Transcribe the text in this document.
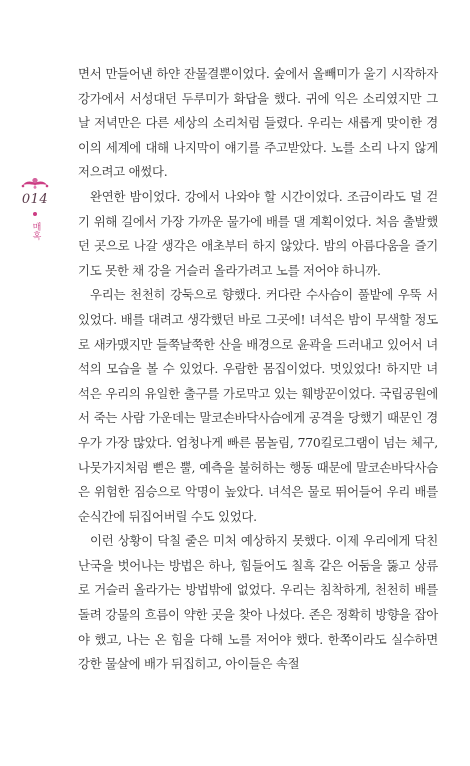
014
매혹

면서 만들어낸 하얀 잔물결뿐이었다. 숲에서 올빼미가 울기 시작하자 강가에서 서성대던 두루미가 화답을 했다. 귀에 익은 소리였지만 그날 저녁만은 다른 세상의 소리처럼 들렸다. 우리는 새롭게 맞이한 경이의 세계에 대해 나지막이 얘기를 주고받았다. 노를 소리 나지 않게 저으려고 애썼다.

완연한 밤이었다. 강에서 나와야 할 시간이었다. 조금이라도 덜 걷기 위해 길에서 가장 가까운 물가에 배를 댈 계획이었다. 처음 출발했던 곳으로 나갈 생각은 애초부터 하지 않았다. 밤의 아름다움을 즐기기도 못한 채 강을 거슬러 올라가려고 노를 저어야 하니까.

우리는 천천히 강둑으로 향했다. 커다란 수사슴이 풀밭에 우뚝 서 있었다. 배를 대려고 생각했던 바로 그곳에! 녀석은 밤이 무색할 정도로 새카맸지만 들쭉날쭉한 산을 배경으로 윤곽을 드러내고 있어서 녀석의 모습을 볼 수 있었다. 우람한 몸집이었다. 멋있었다! 하지만 녀석은 우리의 유일한 출구를 가로막고 있는 훼방꾼이었다. 국립공원에서 죽는 사람 가운데는 말코손바닥사슴에게 공격을 당했기 때문인 경우가 가장 많았다. 엄청나게 빠른 몸놀림, 770킬로그램이 넘는 체구, 나뭇가지처럼 뻗은 뿔, 예측을 불허하는 행동 때문에 말코손바닥사슴은 위험한 짐승으로 악명이 높았다. 녀석은 물로 뛰어들어 우리 배를 순식간에 뒤집어버릴 수도 있었다.

이런 상황이 닥칠 줄은 미처 예상하지 못했다. 이제 우리에게 닥친 난국을 벗어나는 방법은 하나, 힘들어도 칠흑 같은 어둠을 뚫고 상류로 거슬러 올라가는 방법밖에 없었다. 우리는 침착하게, 천천히 배를 돌려 강물의 흐름이 약한 곳을 찾아 나섰다. 존은 정확히 방향을 잡아야 했고, 나는 온 힘을 다해 노를 저어야 했다. 한쪽이라도 실수하면 강한 물살에 배가 뒤집히고, 아이들은 속절
